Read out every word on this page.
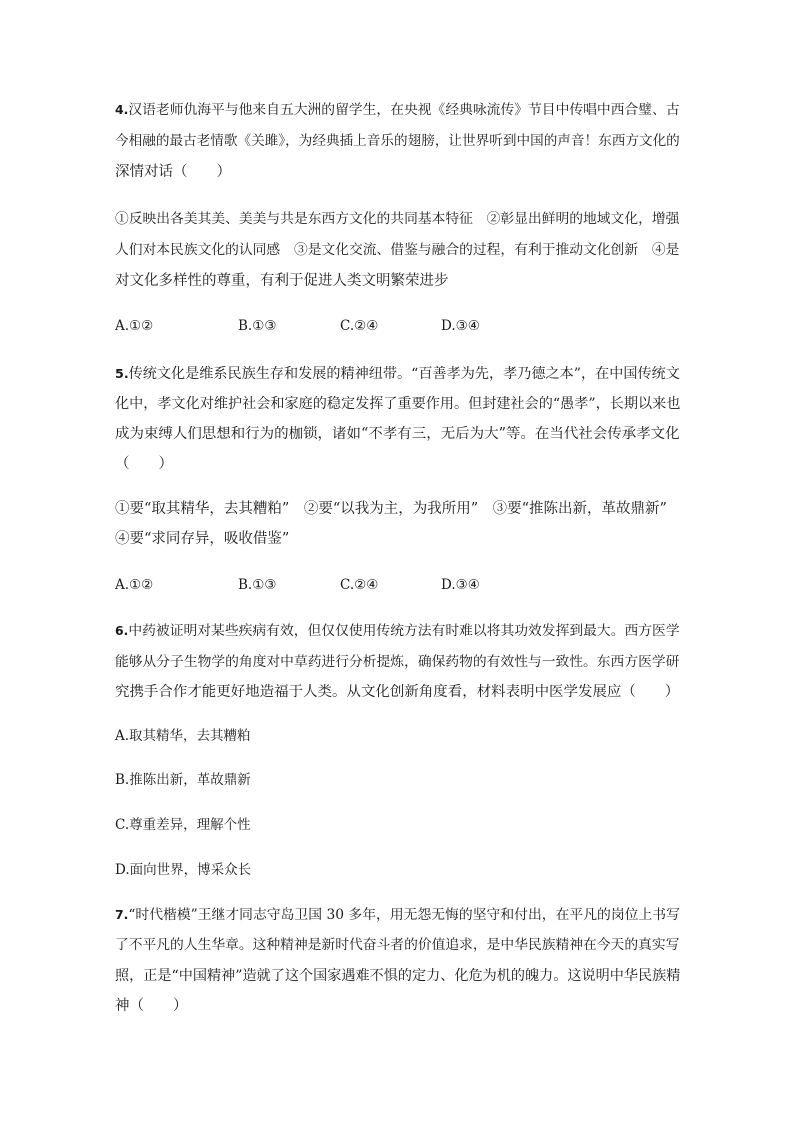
4.汉语老师仇海平与他来自五大洲的留学生，在央视《经典咏流传》节目中传唱中西合璧、古
今相融的最古老情歌《关雎》，为经典插上音乐的翅膀，让世界听到中国的声音！东西方文化的
深情对话（　　）
①反映出各美其美、美美与共是东西方文化的共同基本特征　②彰显出鲜明的地域文化，增强
人们对本民族文化的认同感　③是文化交流、借鉴与融合的过程，有利于推动文化创新　④是
对文化多样性的尊重，有利于促进人类文明繁荣进步
A.①②	B.①③	C.②④	D.③④
5.传统文化是维系民族生存和发展的精神纽带。“百善孝为先，孝乃德之本”，在中国传统文
化中，孝文化对维护社会和家庭的稳定发挥了重要作用。但封建社会的“愚孝”，长期以来也
成为束缚人们思想和行为的枷锁，诸如“不孝有三，无后为大”等。在当代社会传承孝文化
（　　）
①要“取其精华，去其糟粕”　②要“以我为主，为我所用”　③要“推陈出新，革故鼎新”
④要“求同存异，吸收借鉴”
A.①②	B.①③	C.②④	D.③④
6.中药被证明对某些疾病有效，但仅仅使用传统方法有时难以将其功效发挥到最大。西方医学
能够从分子生物学的角度对中草药进行分析提炼，确保药物的有效性与一致性。东西方医学研
究携手合作才能更好地造福于人类。从文化创新角度看，材料表明中医学发展应（　　）
A.取其精华，去其糟粕
B.推陈出新，革故鼎新
C.尊重差异，理解个性
D.面向世界，博采众长
7.“时代楷模”王继才同志守岛卫国 30 多年，用无怨无悔的坚守和付出，在平凡的岗位上书写
了不平凡的人生华章。这种精神是新时代奋斗者的价值追求，是中华民族精神在今天的真实写
照，正是“中国精神”造就了这个国家遇难不惧的定力、化危为机的魄力。这说明中华民族精
神（　　）
